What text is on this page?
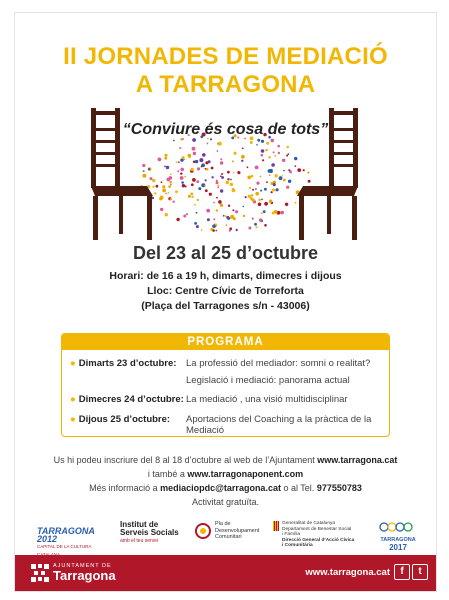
II JORNADES DE MEDIACIÓ
A TARRAGONA
“Conviure és cosa de tots”
Del 23 al 25 d’octubre
Horari: de 16 a 19 h, dimarts, dimecres i dijous
Lloc: Centre Cívic de Torreforta
(Plaça del Tarragones s/n - 43006)
PROGRAMA
● Dimarts 23 d’octubre: La professió del mediador: somni o realitat?
Legislació i mediació: panorama actual
● Dimecres 24 d’octubre: La mediació , una visió multidisciplinar
● Dijous 25 d’octubre: Aportacions del Coaching a la pràctica de la Mediació
Us hi podeu inscriure del 8 al 18 d’octubre al web de l’Ajuntament www.tarragona.cat
i també a www.tarragonaponent.com
Més informació a mediaciopdc@tarragona.cat o al Tel. 977550783
Activitat gratuïta.
TARRAGONA 2012
CAPITAL DE LA CULTURA
Institut de
Serveis Socials
amb el teu servei
Pla de
Desenvolupament
Comunitari
Generalitat de Catalunya
Departament de Benestar Social
i Família
Direcció General d’Acció Cívica
i Comunitària
TARRAGONA
2017
AJUNTAMENT DE
Tarragona	www.tarragona.cat	f	t
